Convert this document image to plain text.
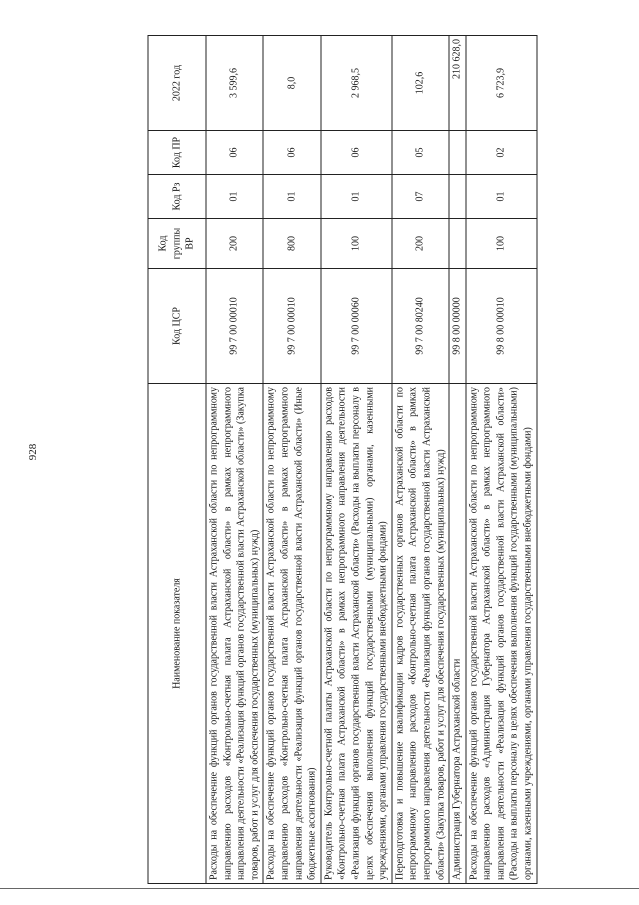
928
Наименование показателя	Код ЦСР	Код группы ВР	Код Рз	Код ПР	2022 год
Расходы на обеспечение функций органов государственной власти Астраханской области по непрограммному направлению расходов «Контрольно-счетная палата Астраханской области» в рамках непрограммного направления деятельности «Реализация функций органов государственной власти Астраханской области» (Закупка товаров, работ и услуг для обеспечения государственных (муниципальных) нужд)	99 7 00 00010	200	01	06	3 599,6
Расходы на обеспечение функций органов государственной власти Астраханской области по непрограммному направлению расходов «Контрольно-счетная палата Астраханской области» в рамках непрограммного направления деятельности «Реализация функций органов государственной власти Астраханской области» (Иные бюджетные ассигнования)	99 7 00 00010	800	01	06	8,0
Руководитель Контрольно-счетной палаты Астраханской области по непрограммному направлению расходов «Контрольно-счетная палата Астраханской области» в рамках непрограммного направления деятельности «Реализация функций органов государственной власти Астраханской области» (Расходы на выплаты персоналу в целях обеспечения выполнения функций государственными (муниципальными) органами, казенными учреждениями, органами управления государственными внебюджетными фондами)	99 7 00 00060	100	01	06	2 968,5
Переподготовка и повышение квалификации кадров государственных органов Астраханской области по непрограммному направлению расходов «Контрольно-счетная палата Астраханской области» в рамках непрограммного направления деятельности «Реализация функций органов государственной власти Астраханской области» (Закупка товаров, работ и услуг для обеспечения государственных (муниципальных) нужд)	99 7 00 80240	200	07	05	102,6
Администрация Губернатора Астраханской области	99 8 00 00000				210 628,0
Расходы на обеспечение функций органов государственной власти Астраханской области по непрограммному направлению расходов «Администрация Губернатора Астраханской области» в рамках непрограммного направления деятельности «Реализация функций органов государственной власти Астраханской области» (Расходы на выплаты персоналу в целях обеспечения выполнения функций государственными (муниципальными) органами, казенными учреждениями, органами управления государственными внебюджетными фондами)	99 8 00 00010	100	01	02	6 723,9
